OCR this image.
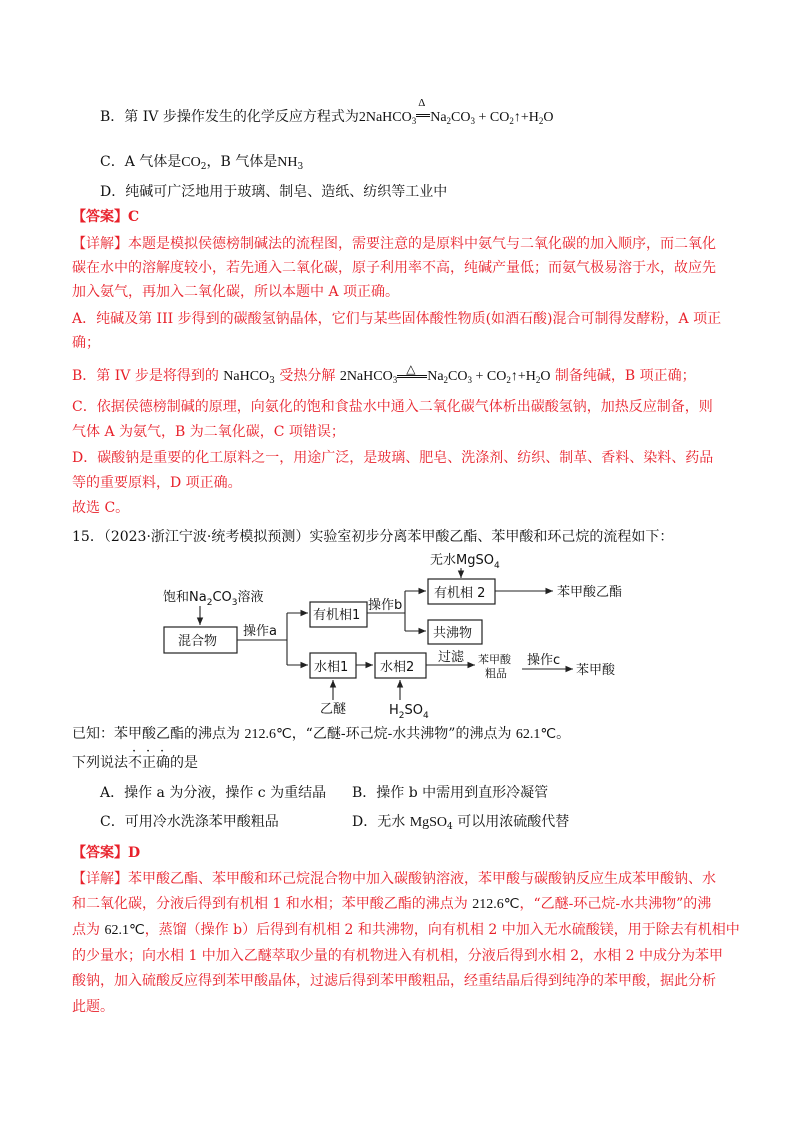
B．第 IV 步操作发生的化学反应方程式为2NaHCO$_3$
Δ
$Na_2CO_3$ + $CO_2↑+H_2O$
C．A 气体是$CO_2$，B 气体是$NH_3$
D．纯碱可广泛地用于玻璃、制皂、造纸、纺织等工业中
【答案】C
【详解】本题是模拟侯德榜制碱法的流程图，需要注意的是原料中氨气与二氧化碳的加入顺序，而二氧化
碳在水中的溶解度较小，若先通入二氧化碳，原子利用率不高，纯碱产量低；而氨气极易溶于水，故应先
加入氨气，再加入二氧化碳，所以本题中 A 项正确。
A．纯碱及第 III 步得到的碳酸氢钠晶体，它们与某些固体酸性物质(如酒石酸)混合可制得发酵粉，A 项正
确；
B．第 IV 步是将得到的 NaHCO$_3$ 受热分解 2NaHCO$_3$
△ $Na_2CO_3$ + $CO_2↑+H_2O$ 制备纯碱，B 项正确；
C．依据侯德榜制碱的原理，向氨化的饱和食盐水中通入二氧化碳气体析出碳酸氢钠，加热反应制备，则
气体 A 为氨气，B 为二氧化碳，C 项错误；
D．碳酸钠是重要的化工原料之一，用途广泛，是玻璃、肥皂、洗涤剂、纺织、制革、香料、染料、药品
等的重要原料，D 项正确。
故选 C。
15．（2023·浙江宁波·统考模拟预测）实验室初步分离苯甲酸乙酯、苯甲酸和环己烷的流程如下：
饱和$Na_2CO_3$溶液
混合物
操作a
有机相1
操作b
无水MgSO$_4$
有机相 2	苯甲酸乙酯
共沸物
水相1
乙醚
水相2
$H_2SO_4$
过滤 苯甲酸
粗品
操作c
苯甲酸
已知：苯甲酸乙酯的沸点为 212.6℃，“乙醚-环己烷-水共沸物”的沸点为 62.1℃。
下列说法不正确的是
A．操作 a 为分液，操作 c 为重结晶 B．操作 b 中需用到直形冷凝管
C．可用冷水洗涤苯甲酸粗品	D．无水 MgSO$_4$ 可以用浓硫酸代替
【答案】D
【详解】苯甲酸乙酯、苯甲酸和环己烷混合物中加入碳酸钠溶液，苯甲酸与碳酸钠反应生成苯甲酸钠、水
和二氧化碳，分液后得到有机相 1 和水相；苯甲酸乙酯的沸点为 212.6℃，“乙醚-环己烷-水共沸物”的沸
点为 62.1℃，蒸馏（操作 b）后得到有机相 2 和共沸物，向有机相 2 中加入无水硫酸镁，用于除去有机相中
的少量水；向水相 1 中加入乙醚萃取少量的有机物进入有机相，分液后得到水相 2，水相 2 中成分为苯甲
酸钠，加入硫酸反应得到苯甲酸晶体，过滤后得到苯甲酸粗品，经重结晶后得到纯净的苯甲酸，据此分析
此题。
